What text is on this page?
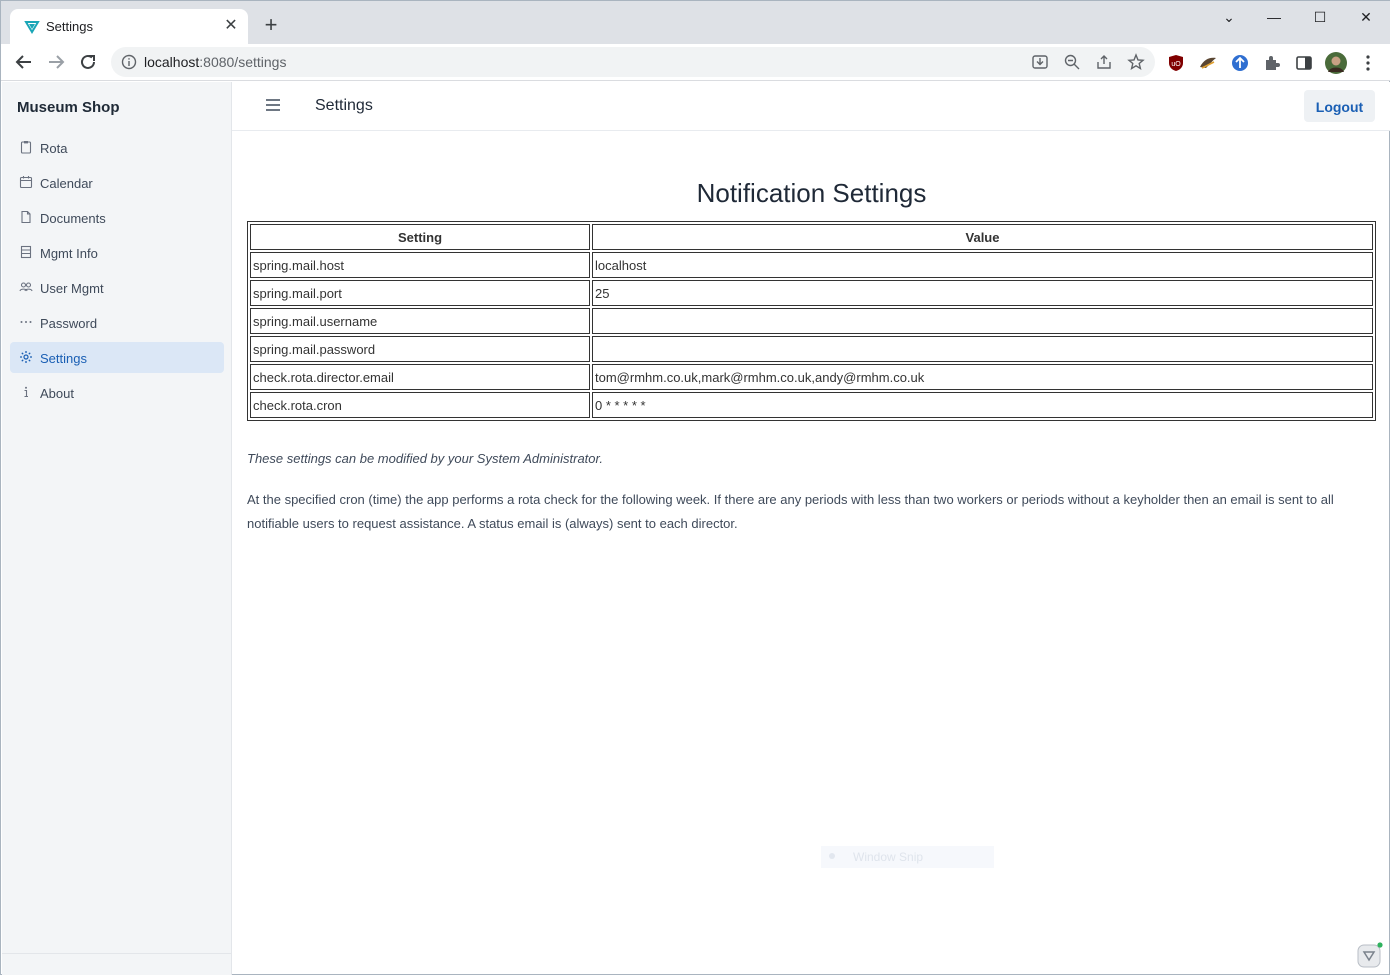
Settings	✕ +	⌄	—	☐	✕
localhost:8080/settings	uO
Museum Shop
Rota
Calendar
Documents
Mgmt Info
User Mgmt
Password
Settings
About
Settings	Logout
Notification Settings
Setting	Value
spring.mail.host	localhost
spring.mail.port	25
spring.mail.username	
spring.mail.password	
check.rota.director.email	tom@rmhm.co.uk,mark@rmhm.co.uk,andy@rmhm.co.uk
check.rota.cron	0 * * * * *

These settings can be modified by your System Administrator.

At the specified cron (time) the app performs a rota check for the following week. If there are any periods with less than two workers or periods without a keyholder then an email is sent to all notifiable users to request assistance. A status email is (always) sent to each director.

Window Snip
